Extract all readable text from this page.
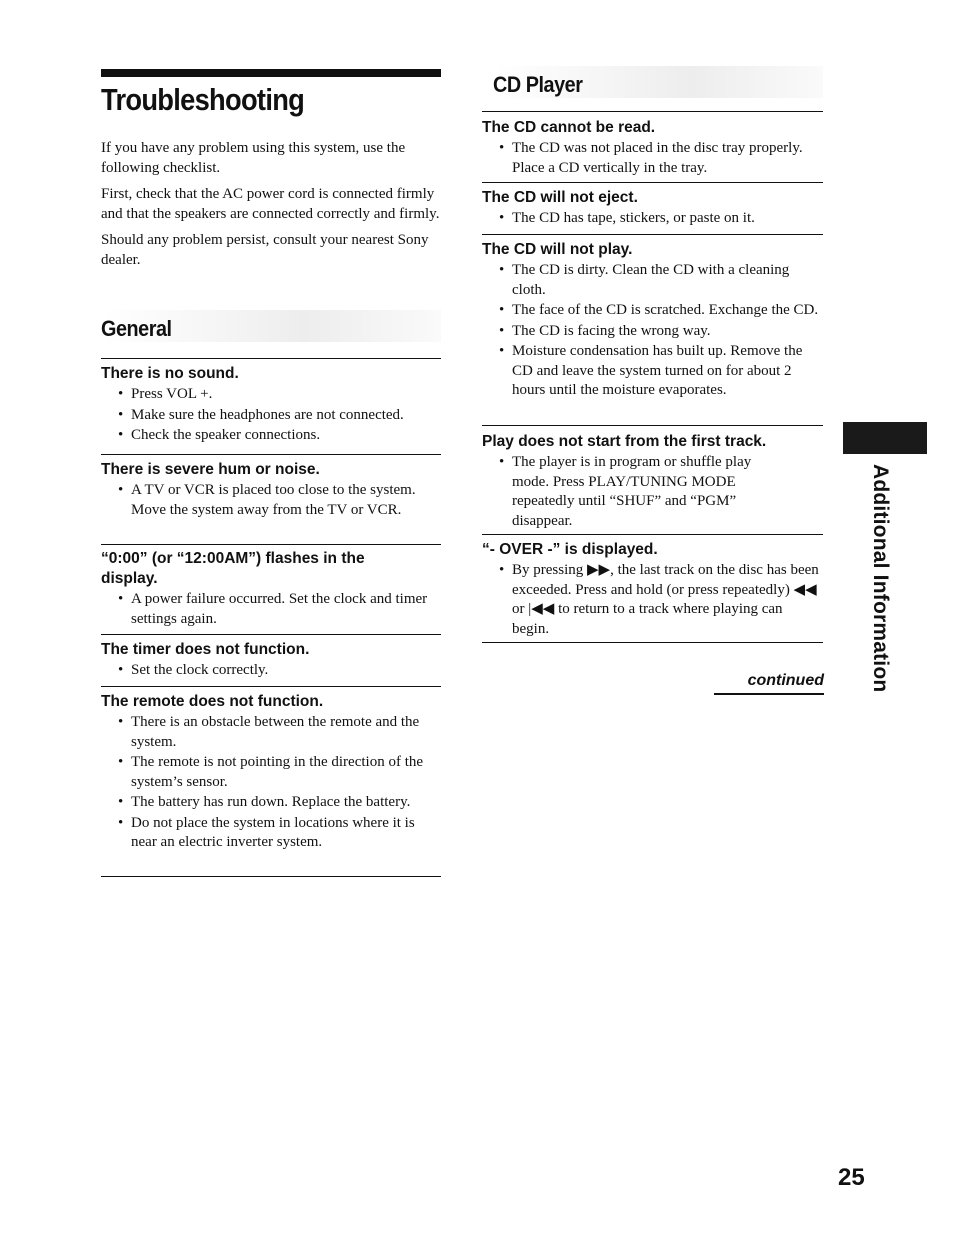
Troubleshooting

If you have any problem using this system, use the following checklist.

First, check that the AC power cord is connected firmly and that the speakers are connected correctly and firmly.

Should any problem persist, consult your nearest Sony dealer.

General
There is no sound.
• Press VOL +.
• Make sure the headphones are not connected.
• Check the speaker connections.
There is severe hum or noise.
• A TV or VCR is placed too close to the system. Move the system away from the TV or VCR.
“0:00” (or “12:00AM”) flashes in the display.
• A power failure occurred. Set the clock and timer settings again.
The timer does not function.
• Set the clock correctly.
The remote does not function.
• There is an obstacle between the remote and the system.
• The remote is not pointing in the direction of the system’s sensor.
• The battery has run down. Replace the battery.
• Do not place the system in locations where it is near an electric inverter system.
CD Player
The CD cannot be read.
• The CD was not placed in the disc tray properly. Place a CD vertically in the tray.
The CD will not eject.
• The CD has tape, stickers, or paste on it.
The CD will not play.
• The CD is dirty. Clean the CD with a cleaning cloth.
• The face of the CD is scratched. Exchange the CD.
• The CD is facing the wrong way.
• Moisture condensation has built up. Remove the CD and leave the system turned on for about 2 hours until the moisture evaporates.
Play does not start from the first track.
• The player is in program or shuffle play mode. Press PLAY/TUNING MODE repeatedly until “SHUF” and “PGM” disappear.
“- OVER -” is displayed.
• By pressing ▶▶, the last track on the disc has been exceeded. Press and hold (or press repeatedly) ◀◀ or |◀◀ to return to a track where playing can begin.
continued	Additional Information
25
